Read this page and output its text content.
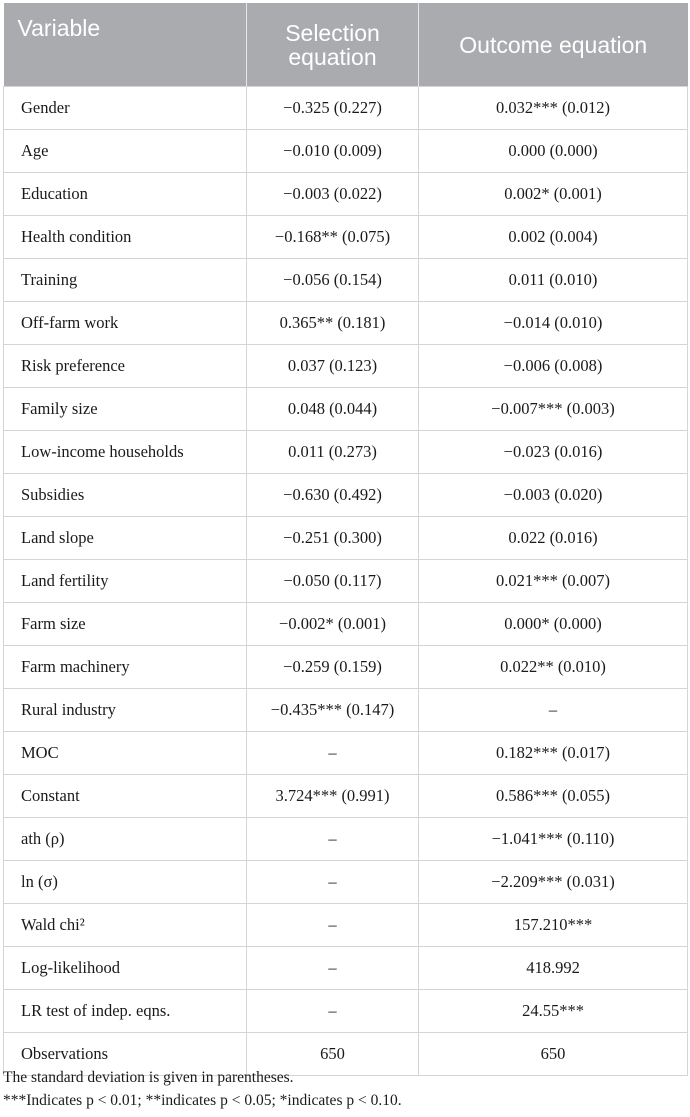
Variable	Selection equation	Outcome equation
Gender	−0.325 (0.227)	0.032*** (0.012)
Age	−0.010 (0.009)	0.000 (0.000)
Education	−0.003 (0.022)	0.002* (0.001)
Health condition	−0.168** (0.075)	0.002 (0.004)
Training	−0.056 (0.154)	0.011 (0.010)
Off-farm work	0.365** (0.181)	−0.014 (0.010)
Risk preference	0.037 (0.123)	−0.006 (0.008)
Family size	0.048 (0.044)	−0.007*** (0.003)
Low-income households	0.011 (0.273)	−0.023 (0.016)
Subsidies	−0.630 (0.492)	−0.003 (0.020)
Land slope	−0.251 (0.300)	0.022 (0.016)
Land fertility	−0.050 (0.117)	0.021*** (0.007)
Farm size	−0.002* (0.001)	0.000* (0.000)
Farm machinery	−0.259 (0.159)	0.022** (0.010)
Rural industry	−0.435*** (0.147)	–
MOC	–	0.182*** (0.017)
Constant	3.724*** (0.991)	0.586*** (0.055)
ath (ρ)	–	−1.041*** (0.110)
ln (σ)	–	−2.209*** (0.031)
Wald chi²	–	157.210***
Log-likelihood	–	418.992
LR test of indep. eqns.	–	24.55***
Observations	650	650
The standard deviation is given in parentheses.
***Indicates p < 0.01; **indicates p < 0.05; *indicates p < 0.10.
